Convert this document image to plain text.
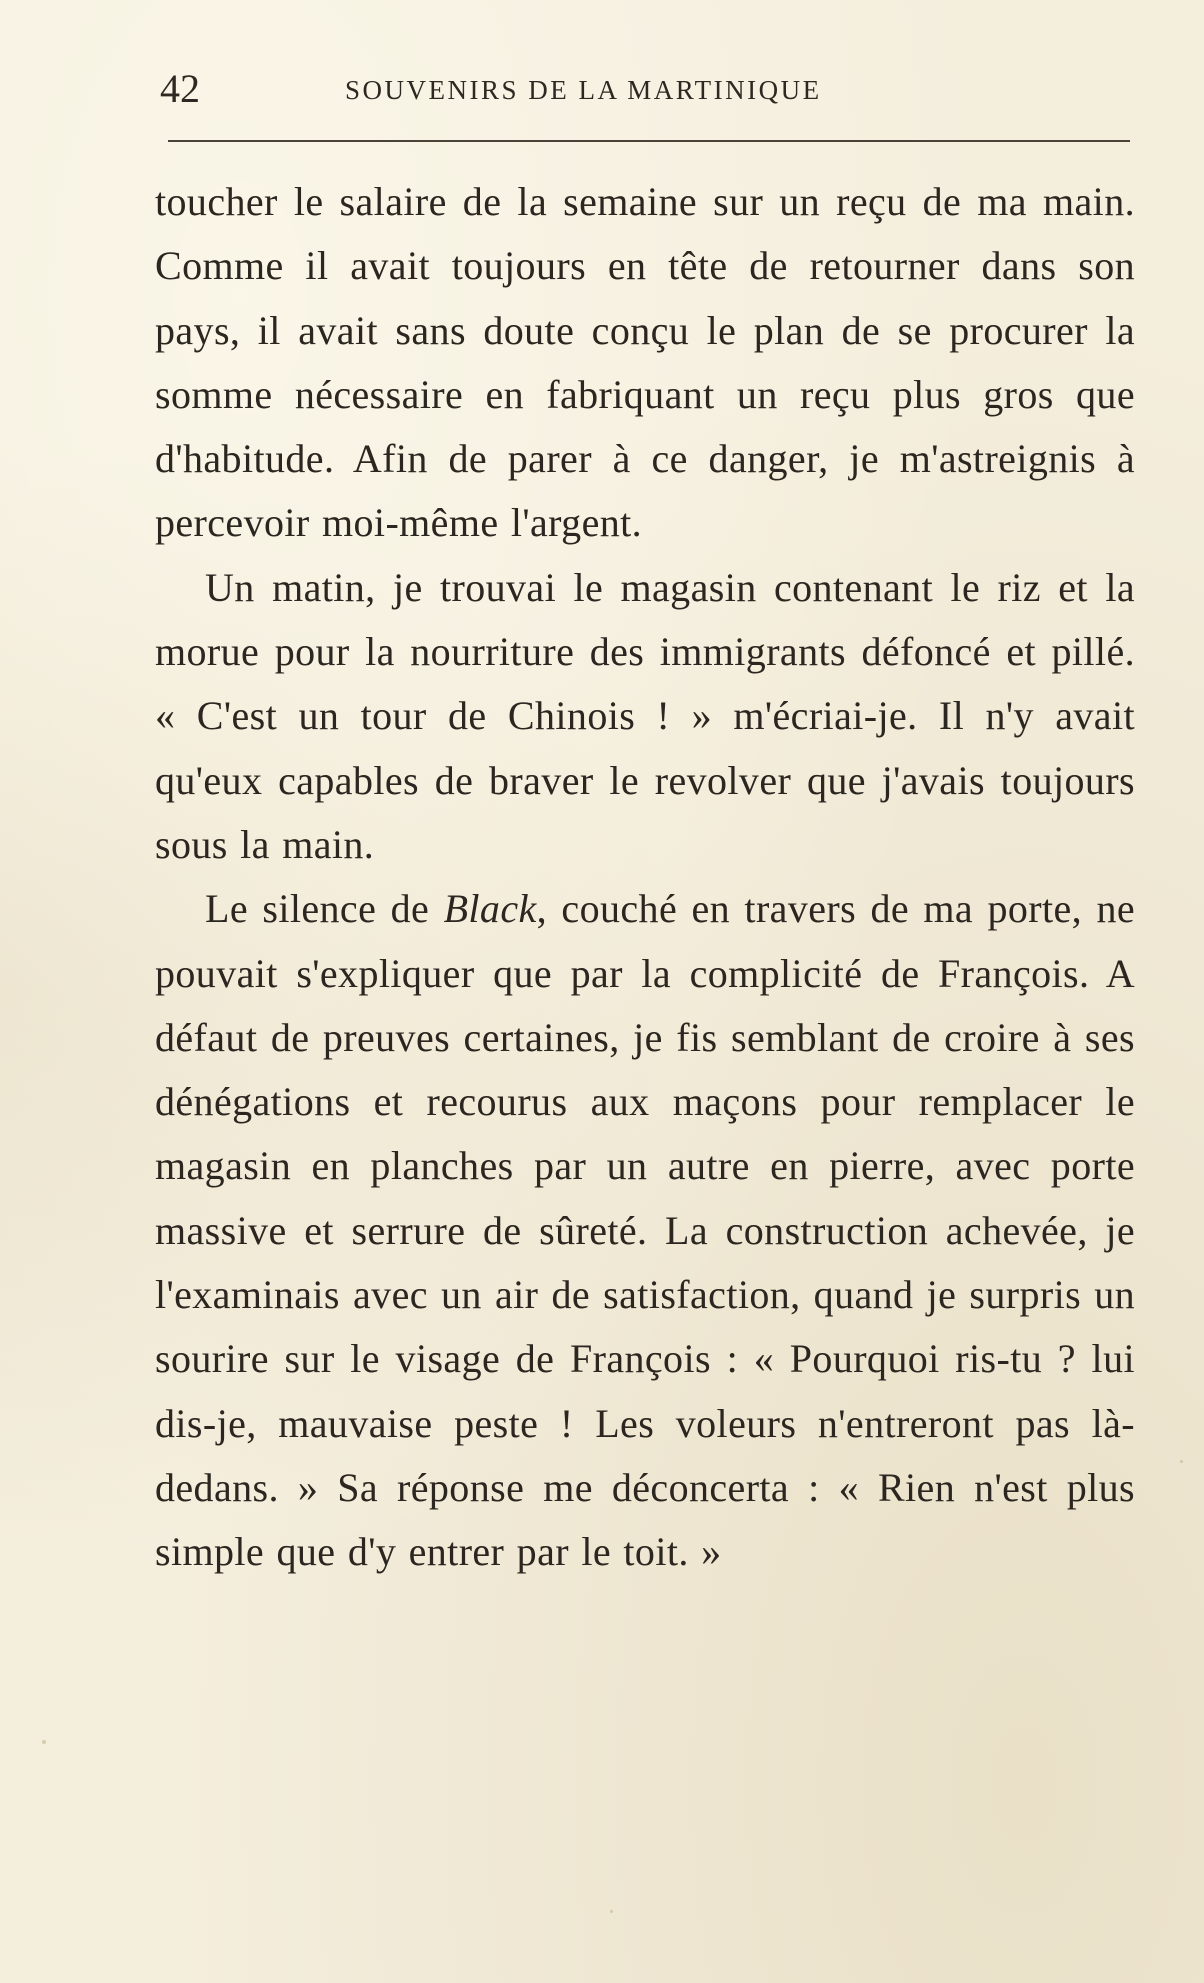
42	SOUVENIRS DE LA MARTINIQUE

toucher le salaire de la semaine sur un reçu de ma main. Comme il avait toujours en tête de retourner dans son pays, il avait sans doute conçu le plan de se procurer la somme nécessaire en fabriquant un reçu plus gros que d'habitude. Afin de parer à ce danger, je m'astreignis à percevoir moi-même l'argent.

Un matin, je trouvai le magasin contenant le riz et la morue pour la nourriture des immigrants défoncé et pillé. « C'est un tour de Chinois ! » m'écriai-je. Il n'y avait qu'eux capables de braver le revolver que j'avais toujours sous la main.

Le silence de Black, couché en travers de ma porte, ne pouvait s'expliquer que par la complicité de François. A défaut de preuves certaines, je fis semblant de croire à ses dénégations et recourus aux maçons pour remplacer le magasin en planches par un autre en pierre, avec porte massive et serrure de sûreté. La construction achevée, je l'examinais avec un air de satisfaction, quand je surpris un sourire sur le visage de François : « Pourquoi ris-tu ? lui dis-je, mauvaise peste ! Les voleurs n'entreront pas là-dedans. » Sa réponse me déconcerta : « Rien n'est plus simple que d'y entrer par le toit. »
